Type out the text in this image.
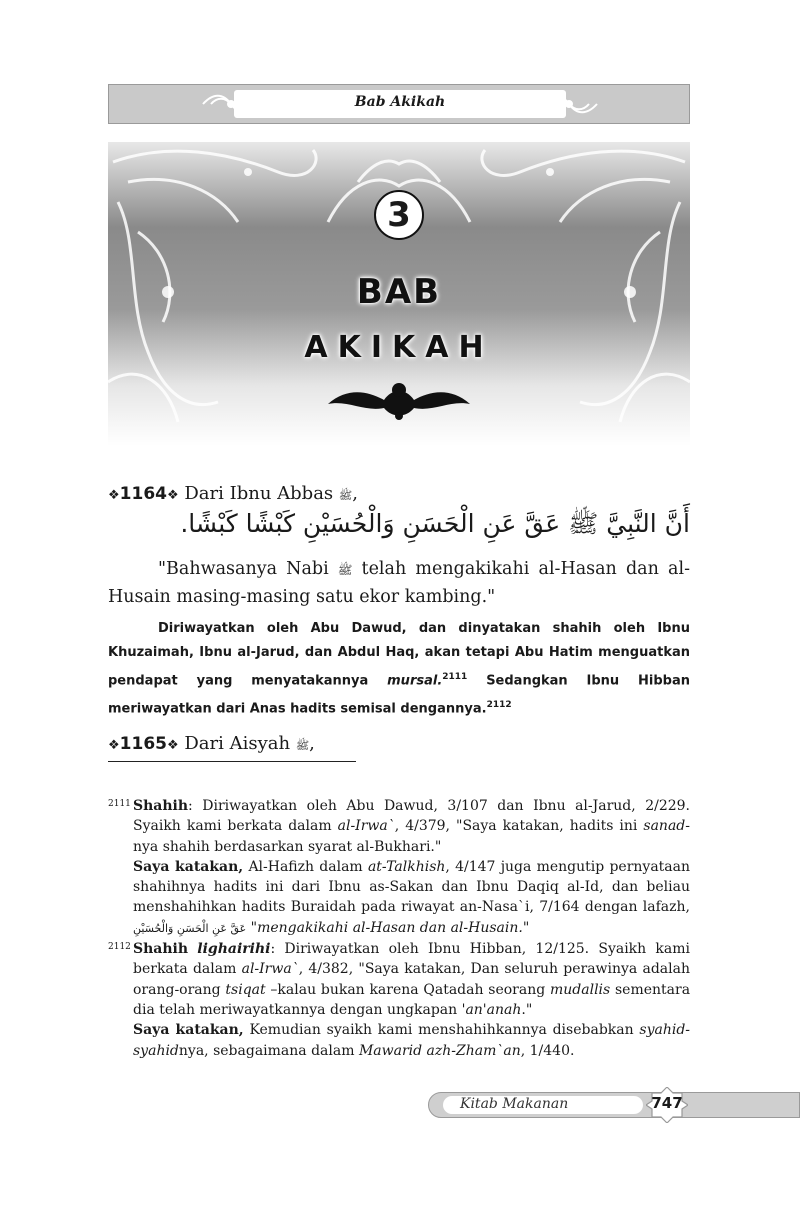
Bab Akikah
3
BAB
AKIKAH
❖1164❖ Dari Ibnu Abbas ﷺ,
أَنَّ النَّبِيَّ ﷺ عَقَّ عَنِ الْحَسَنِ وَالْحُسَيْنِ كَبْشًا كَبْشًا.
"Bahwasanya Nabi ﷺ telah mengakikahi al-Hasan dan al-Husain masing-masing satu ekor kambing."
Diriwayatkan oleh Abu Dawud, dan dinyatakan shahih oleh Ibnu Khuzaimah, Ibnu al-Jarud, dan Abdul Haq, akan tetapi Abu Hatim menguatkan pendapat yang menyatakannya mursal.$^{2111}$ Sedangkan Ibnu Hibban meriwayatkan dari Anas hadits semisal dengannya.$^{2112}$
❖1165❖ Dari Aisyah ﷺ,
2111 Shahih: Diriwayatkan oleh Abu Dawud, 3/107 dan Ibnu al-Jarud, 2/229. Syaikh kami berkata dalam al-Irwa`, 4/379, "Saya katakan, hadits ini sanad-nya shahih berdasarkan syarat al-Bukhari."
Saya katakan, Al-Hafizh dalam at-Talkhish, 4/147 juga mengutip pernyataan shahihnya hadits ini dari Ibnu as-Sakan dan Ibnu Daqiq al-Id, dan beliau menshahihkan hadits Buraidah pada riwayat an-Nasa`i, 7/164 dengan lafazh, عَقَّ عَنِ الْحَسَنِ وَالْحُسَيْنِ "mengakikahi al-Hasan dan al-Husain."
2112 Shahih lighairihi: Diriwayatkan oleh Ibnu Hibban, 12/125. Syaikh kami berkata dalam al-Irwa`, 4/382, "Saya katakan, Dan seluruh perawinya adalah orang-orang tsiqat –kalau bukan karena Qatadah seorang mudallis sementara dia telah meriwayatkannya dengan ungkapan 'an'anah."
Saya katakan, Kemudian syaikh kami menshahihkannya disebabkan syahid-syahidnya, sebagaimana dalam Mawarid azh-Zham`an, 1/440.
Kitab Makanan	747
